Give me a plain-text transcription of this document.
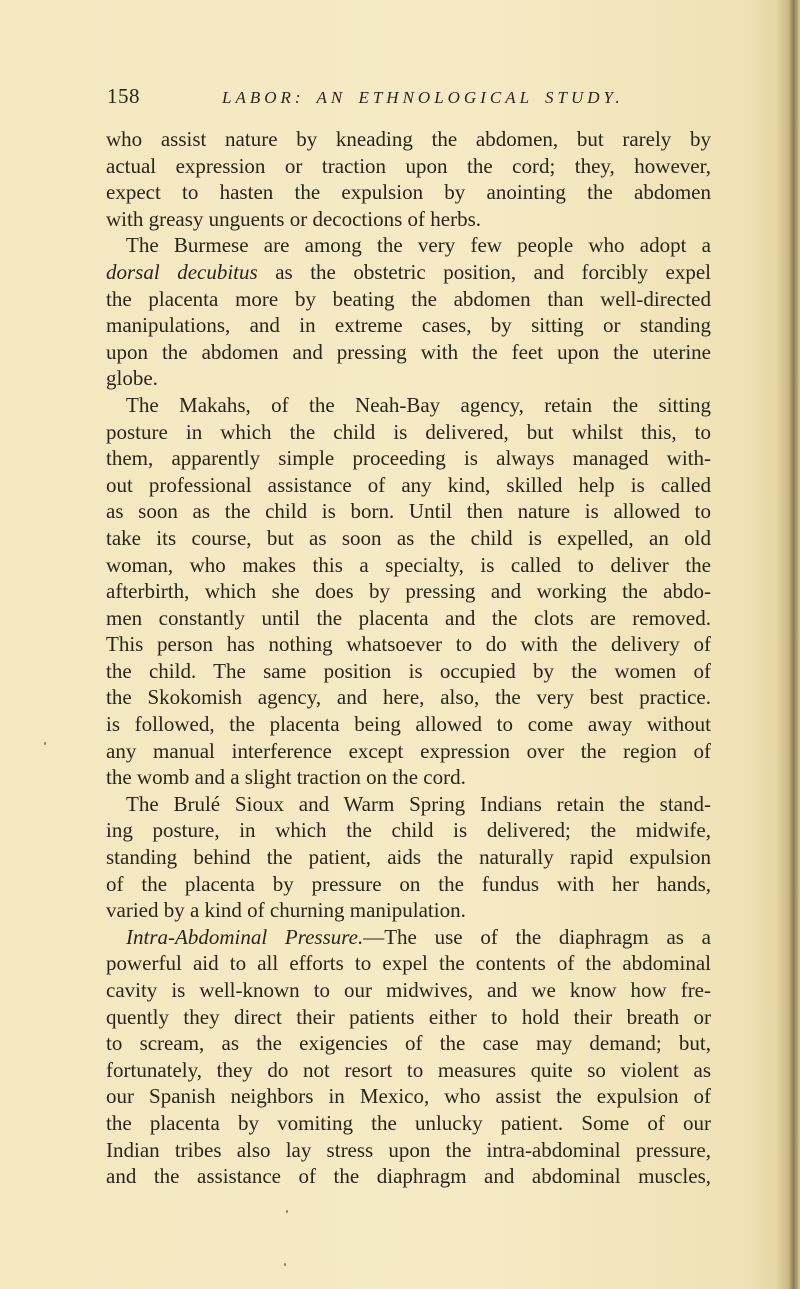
158	LABOR: AN ETHNOLOGICAL STUDY.
who assist nature by kneading the abdomen, but rarely by
actual expression or traction upon the cord; they, however,
expect to hasten the expulsion by anointing the abdomen
with greasy unguents or decoctions of herbs.
The Burmese are among the very few people who adopt a
dorsal decubitus as the obstetric position, and forcibly expel
the placenta more by beating the abdomen than well-directed
manipulations, and in extreme cases, by sitting or standing
upon the abdomen and pressing with the feet upon the uterine
globe.
The Makahs, of the Neah-Bay agency, retain the sitting
posture in which the child is delivered, but whilst this, to
them, apparently simple proceeding is always managed with-
out professional assistance of any kind, skilled help is called
as soon as the child is born. Until then nature is allowed to
take its course, but as soon as the child is expelled, an old
woman, who makes this a specialty, is called to deliver the
afterbirth, which she does by pressing and working the abdo-
men constantly until the placenta and the clots are removed.
This person has nothing whatsoever to do with the delivery of
the child. The same position is occupied by the women of
the Skokomish agency, and here, also, the very best practice.
is followed, the placenta being allowed to come away without
any manual interference except expression over the region of
the womb and a slight traction on the cord.
The Brulé Sioux and Warm Spring Indians retain the stand-
ing posture, in which the child is delivered; the midwife,
standing behind the patient, aids the naturally rapid expulsion
of the placenta by pressure on the fundus with her hands,
varied by a kind of churning manipulation.
Intra-Abdominal Pressure.—The use of the diaphragm as a
powerful aid to all efforts to expel the contents of the abdominal
cavity is well-known to our midwives, and we know how fre-
quently they direct their patients either to hold their breath or
to scream, as the exigencies of the case may demand; but,
fortunately, they do not resort to measures quite so violent as
our Spanish neighbors in Mexico, who assist the expulsion of
the placenta by vomiting the unlucky patient. Some of our
Indian tribes also lay stress upon the intra-abdominal pressure,
and the assistance of the diaphragm and abdominal muscles,
